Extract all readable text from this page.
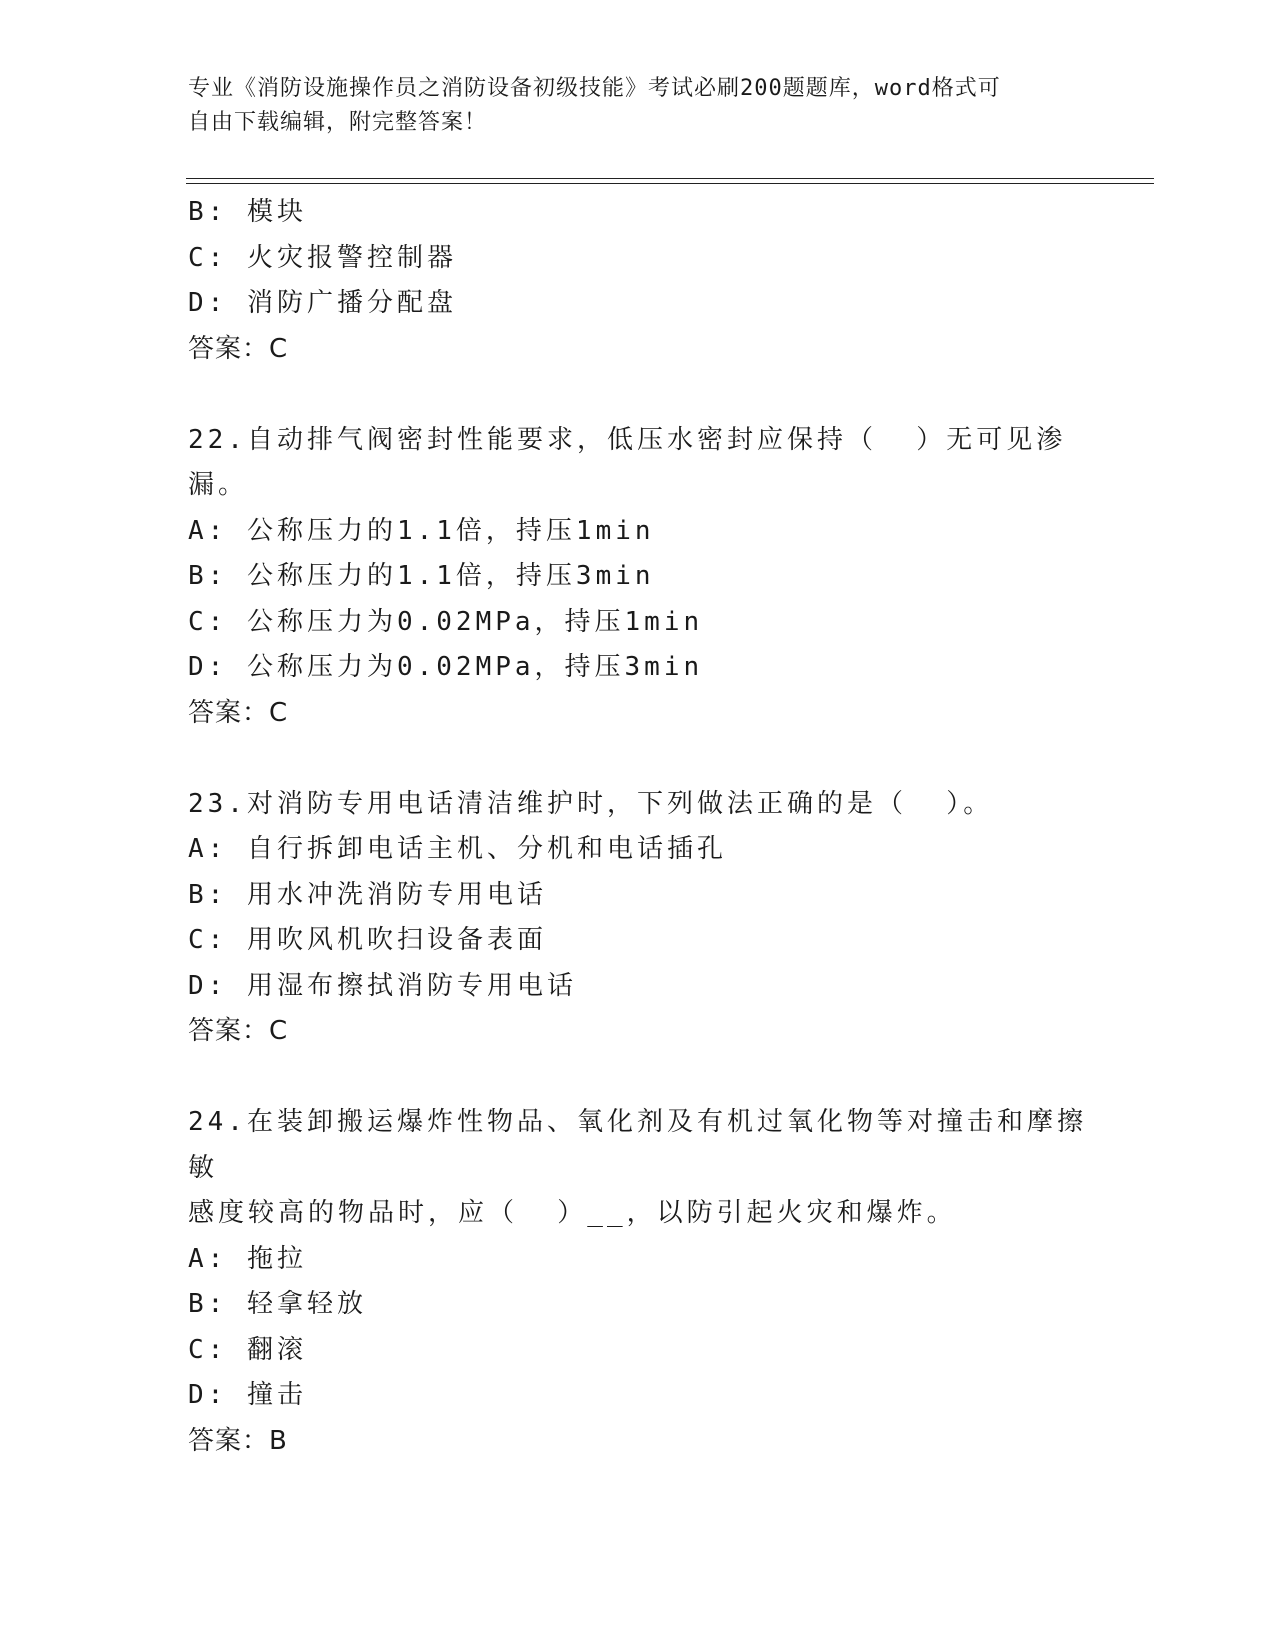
专业《消防设施操作员之消防设备初级技能》考试必刷200题题库，word格式可
自由下载编辑，附完整答案！
B: 模块
C: 火灾报警控制器
D: 消防广播分配盘
答案：C
22.自动排气阀密封性能要求，低压水密封应保持（  ）无可见渗漏。
A: 公称压力的1.1倍，持压1min
B: 公称压力的1.1倍，持压3min
C: 公称压力为0.02MPa，持压1min
D: 公称压力为0.02MPa，持压3min
答案：C
23.对消防专用电话清洁维护时，下列做法正确的是（  ）。
A: 自行拆卸电话主机、分机和电话插孔
B: 用水冲洗消防专用电话
C: 用吹风机吹扫设备表面
D: 用湿布擦拭消防专用电话
答案：C
24.在装卸搬运爆炸性物品、氧化剂及有机过氧化物等对撞击和摩擦敏
感度较高的物品时，应（  ）__，以防引起火灾和爆炸。
A: 拖拉
B: 轻拿轻放
C: 翻滚
D: 撞击
答案：B
